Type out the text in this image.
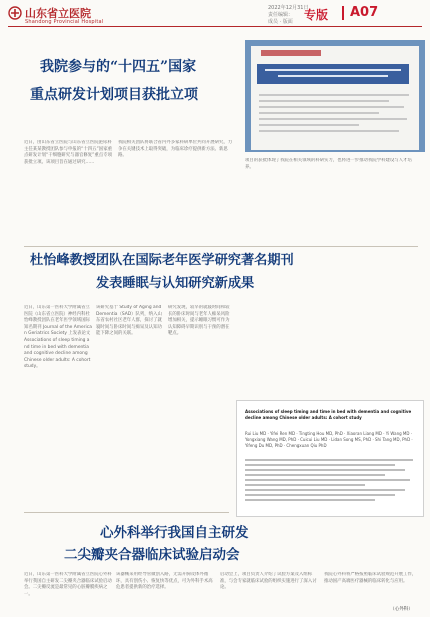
山东省立医院
Shandong Provincial Hospital
2022年12月31日
责任编辑：
成员 · 版面 专版 A07
我院参与的“十四五”国家
重点研发计划项目获批立项
近日，由山东省立医院与山东省立医院泌尿科主任某某教授团队参与申报的“十四五”国家重点研发计划“干细胞研究与器官修复”重点专项获批立项。该项目旨在通过研究……
我院相关团队将联合省内外多家科研单位共同开展研究，力争在关键技术上取得突破，为临床诊疗提供新方法、新思路。
项目的获批体现了我院在相关领域的科研实力，也将进一步推动我院学科建设与人才培养。
杜怡峰教授团队在国际老年医学研究著名期刊
发表睡眠与认知研究新成果
近日，山东第一医科大学附属省立医院（山东省立医院）神经内科杜怡峰教授团队在老年医学领域国际知名期刊 Journal of the American Geriatrics Society 上发表论文 Associations of sleep timing and time in bed with dementia and cognitive decline among Chinese older adults: A cohort study。
该研究基于 Study of Aging and Dementia（SAD）队列，纳入山东省农村社区老年人群，探讨了就寝时间与卧床时间与痴呆及认知功能下降之间的关联。
研究发现，较早的就寝时间和较长的卧床时间与老年人痴呆风险增加相关，提示睡眠习惯可作为认知障碍早期识别与干预的潜在靶点。
Associations of sleep timing and time in bed with dementia and cognitive decline among Chinese older adults: A cohort study
Rui Liu MD · Yifei Ren MD · Tingting Hou MD, PhD · Xiaoran Liang MD · Yi Wang MD · Yongxiang Wang MD, PhD · Cuicui Liu MD · Lidan Song MS, PhD · Shi Tang MD, PhD · Yifeng Du MD, PhD · Chengxuan Qiu PhD
心外科举行我国自主研发
二尖瓣夹合器临床试验启动会
近日，山东第一医科大学附属省立医院心外科举行我国自主研发二尖瓣夹合器临床试验启动会。二尖瓣反流是最常见的心脏瓣膜疾病之一。
该器械采用经导管微创入路，无需开胸及体外循环，具有创伤小、恢复快等优点，可为外科手术高危患者提供新的治疗选择。
启动会上，项目负责人介绍了试验方案及入组标准，与会专家就临床试验的组织实施进行了深入讨论。
我院心外科将严格按照临床试验规范开展工作，推动国产高端医疗器械的临床转化与应用。
（心外科）
